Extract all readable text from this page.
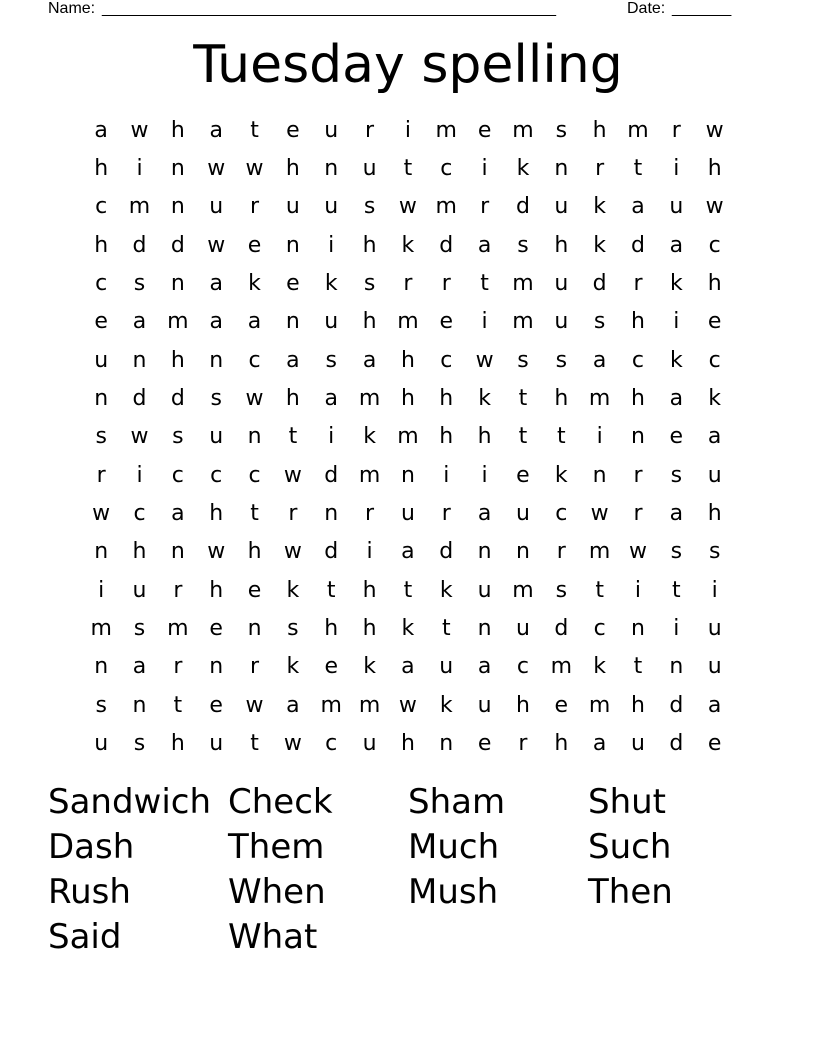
Name: ______________________________________________________	Date: _______
Tuesday spelling
a	w	h	a	t	e	u	r	i	m e m s	h m	r	w
h	i	n	w w	h	n	u	t	c	i	k	n	r	t	i	h
c m n	u	r	u	u	s	w m	r	d	u	k	a	u	w
h	d	d	w	e	n	i	h	k	d	a	s	h	k	d	a	c
c	s	n	a	k	e	k	s	r	r	t	m u	d	r	k	h
e	a m a	a	n	u	h m e	i	m u	s	h	i	e
u	n	h	n	c	a	s	a	h	c	w	s	s	a	c	k	c
n	d	d	s	w	h	a m h	h	k	t	h m h	a	k
s	w	s	u	n	t	i	k m h	h	t	t	i	n	e	a
r	i	c	c	c	w	d m n	i	i	e	k	n	r	s	u
w	c	a	h	t	r	n	r	u	r	a	u	c	w	r	a	h
n	h	n	w	h	w	d	i	a	d	n	n	r	m w	s	s
i	u	r	h	e	k	t	h	t	k	u m s	t	i	t	i
m s m e	n	s	h	h	k	t	n	u	d	c	n	i	u
n	a	r	n	r	k	e	k	a	u	a	c m k	t	n	u
s	n	t	e	w	a m m w	k	u	h	e m h	d	a
u	s	h	u	t	w	c	u	h	n	e	r	h	a	u	d	e
Sandwich Check	Sham	Shut
Dash	Them	Much	Such
Rush	When	Mush	Then
Said	What
